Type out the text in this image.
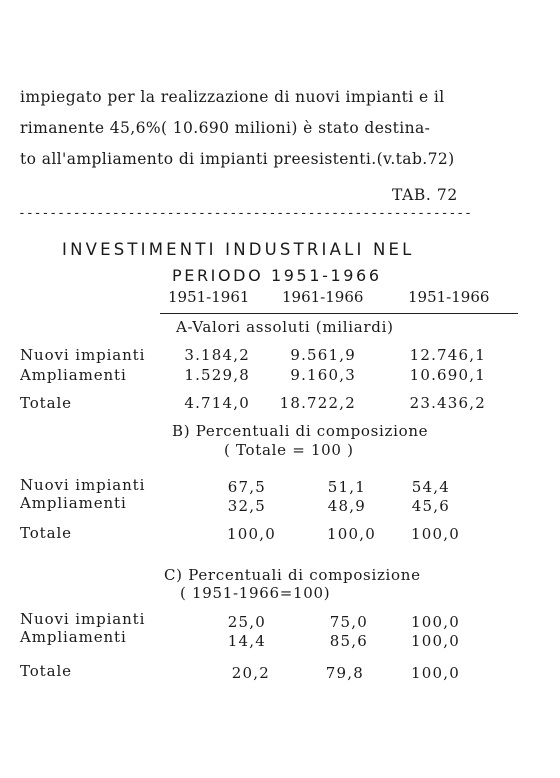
impiegato per la realizzazione di nuovi impianti e il
rimanente 45,6%( 10.690 milioni) è stato destina-
to all'ampliamento di impianti preesistenti.(v.tab.72)
TAB. 72
----------------------------------------------------------
INVESTIMENTI INDUSTRIALI NEL
PERIODO 1951-1966
1951-1961 1961-1966	1951-1966
A-Valori assoluti (miliardi)
Nuovi impianti	3.184,2	9.561,9	12.746,1
Ampliamenti	1.529,8	9.160,3	10.690,1
Totale	4.714,0 18.722,2	23.436,2
B) Percentuali di composizione
( Totale = 100 )
Nuovi impianti	67,5	51,1	54,4
Ampliamenti	32,5	48,9	45,6
Totale	100,0	100,0 100,0
C) Percentuali di composizione
( 1951-1966=100)
Nuovi impianti	25,0	75,0	100,0
Ampliamenti	14,4	85,6	100,0
Totale	20,2	79,8	100,0
